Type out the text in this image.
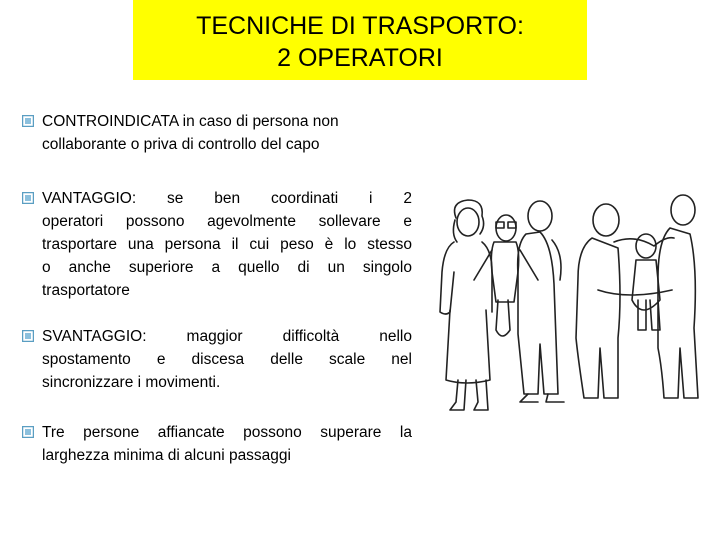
TECNICHE DI TRASPORTO:
2 OPERATORI
CONTROINDICATA in caso di persona non
collaborante o priva di controllo del capo
VANTAGGIO: se ben coordinati i 2
operatori possono agevolmente sollevare e
trasportare una persona il cui peso è lo stesso
o anche superiore a quello di un singolo
trasportatore
SVANTAGGIO: maggior difficoltà nello
spostamento e discesa delle scale nel
sincronizzare i movimenti.
Tre persone affiancate possono superare la
larghezza minima di alcuni passaggi
